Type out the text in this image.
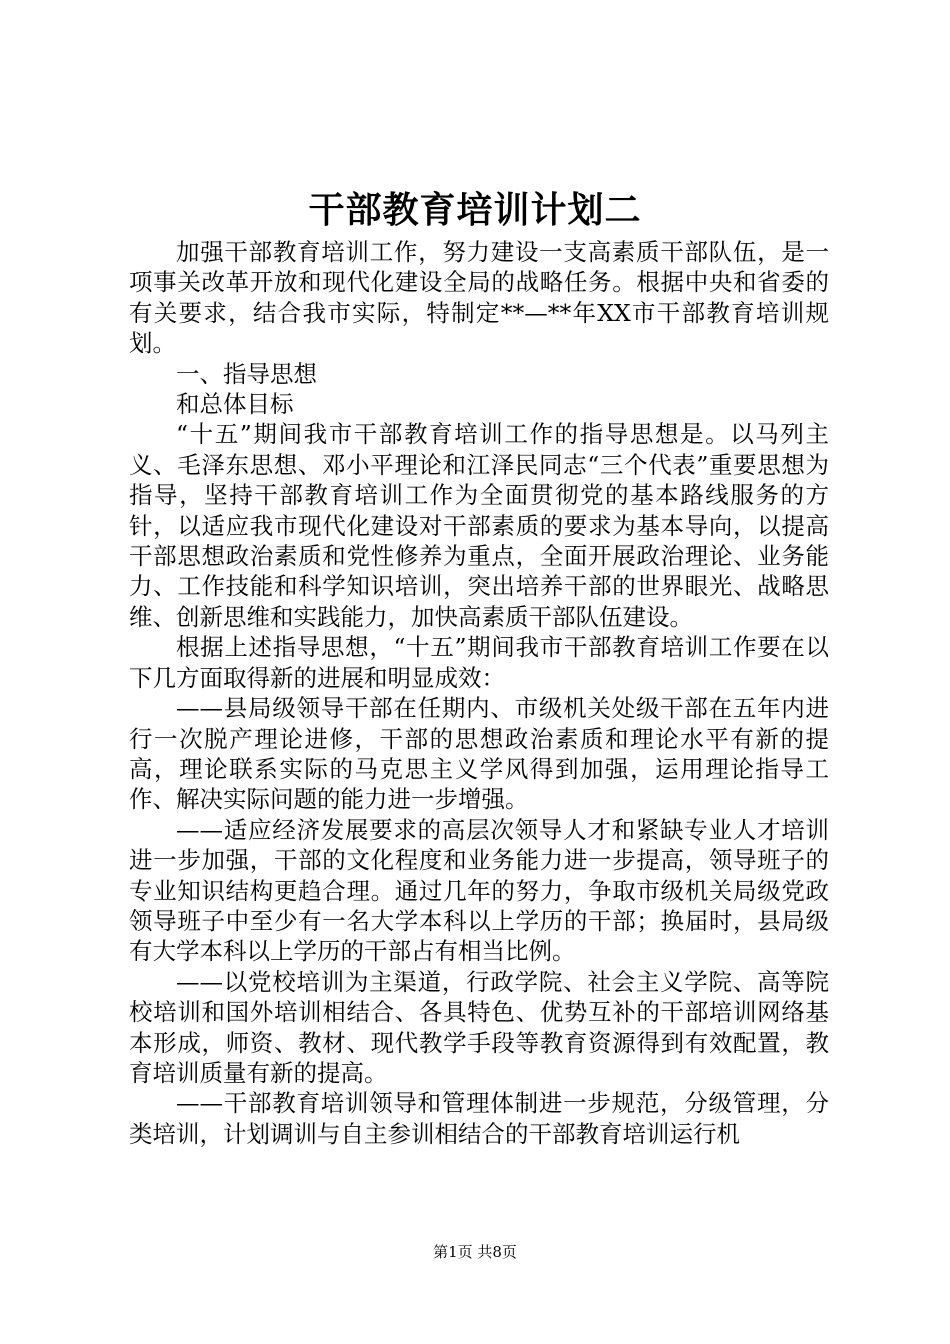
干部教育培训计划二

加强干部教育培训工作，努力建设一支高素质干部队伍，是一项事关改革开放和现代化建设全局的战略任务。根据中央和省委的有关要求，结合我市实际，特制定**—**年XX市干部教育培训规划。

一、指导思想

和总体目标

“十五”期间我市干部教育培训工作的指导思想是。以马列主义、毛泽东思想、邓小平理论和江泽民同志“三个代表”重要思想为指导，坚持干部教育培训工作为全面贯彻党的基本路线服务的方针，以适应我市现代化建设对干部素质的要求为基本导向，以提高干部思想政治素质和党性修养为重点，全面开展政治理论、业务能力、工作技能和科学知识培训，突出培养干部的世界眼光、战略思维、创新思维和实践能力，加快高素质干部队伍建设。

根据上述指导思想，“十五”期间我市干部教育培训工作要在以下几方面取得新的进展和明显成效：

——县局级领导干部在任期内、市级机关处级干部在五年内进行一次脱产理论进修，干部的思想政治素质和理论水平有新的提高，理论联系实际的马克思主义学风得到加强，运用理论指导工作、解决实际问题的能力进一步增强。

——适应经济发展要求的高层次领导人才和紧缺专业人才培训进一步加强，干部的文化程度和业务能力进一步提高，领导班子的专业知识结构更趋合理。通过几年的努力，争取市级机关局级党政领导班子中至少有一名大学本科以上学历的干部；换届时，县局级有大学本科以上学历的干部占有相当比例。

——以党校培训为主渠道，行政学院、社会主义学院、高等院校培训和国外培训相结合、各具特色、优势互补的干部培训网络基本形成，师资、教材、现代教学手段等教育资源得到有效配置，教育培训质量有新的提高。

——干部教育培训领导和管理体制进一步规范，分级管理，分类培训，计划调训与自主参训相结合的干部教育培训运行机

第1页 共8页
